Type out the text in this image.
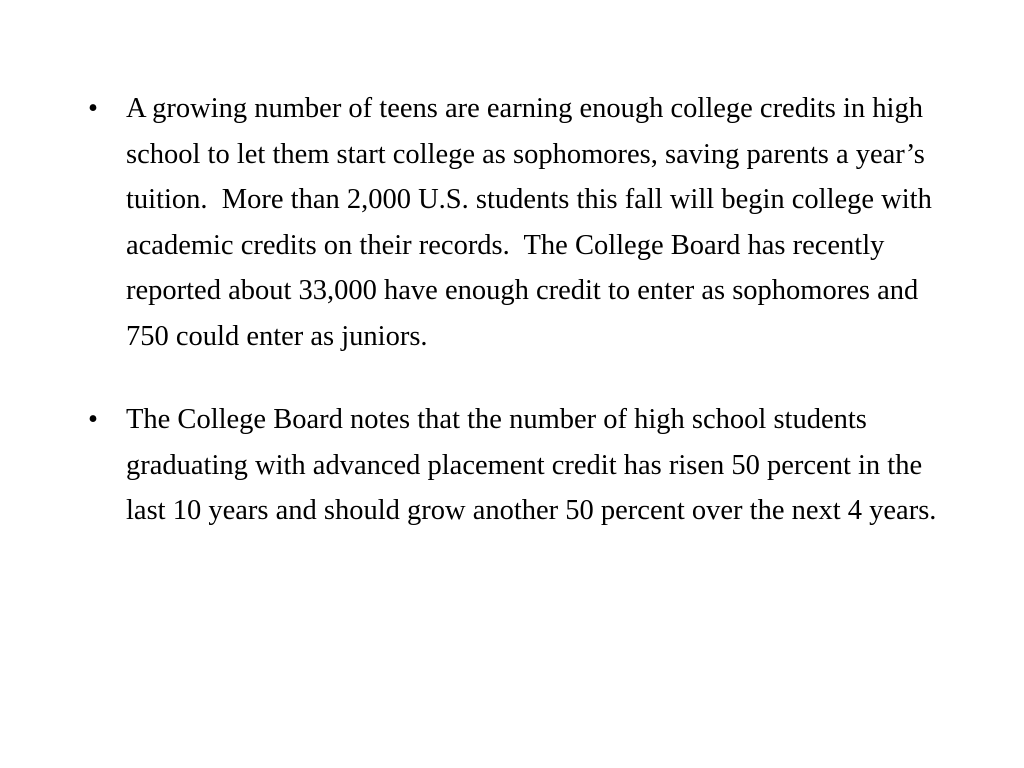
• A growing number of teens are earning enough college credits in high school to let them start college as sophomores, saving parents a year’s tuition.  More than 2,000 U.S. students this fall will begin college with academic credits on their records.  The College Board has recently reported about 33,000 have enough credit to enter as sophomores and 750 could enter as juniors.
• The College Board notes that the number of high school students graduating with advanced placement credit has risen 50 percent in the last 10 years and should grow another 50 percent over the next 4 years.
